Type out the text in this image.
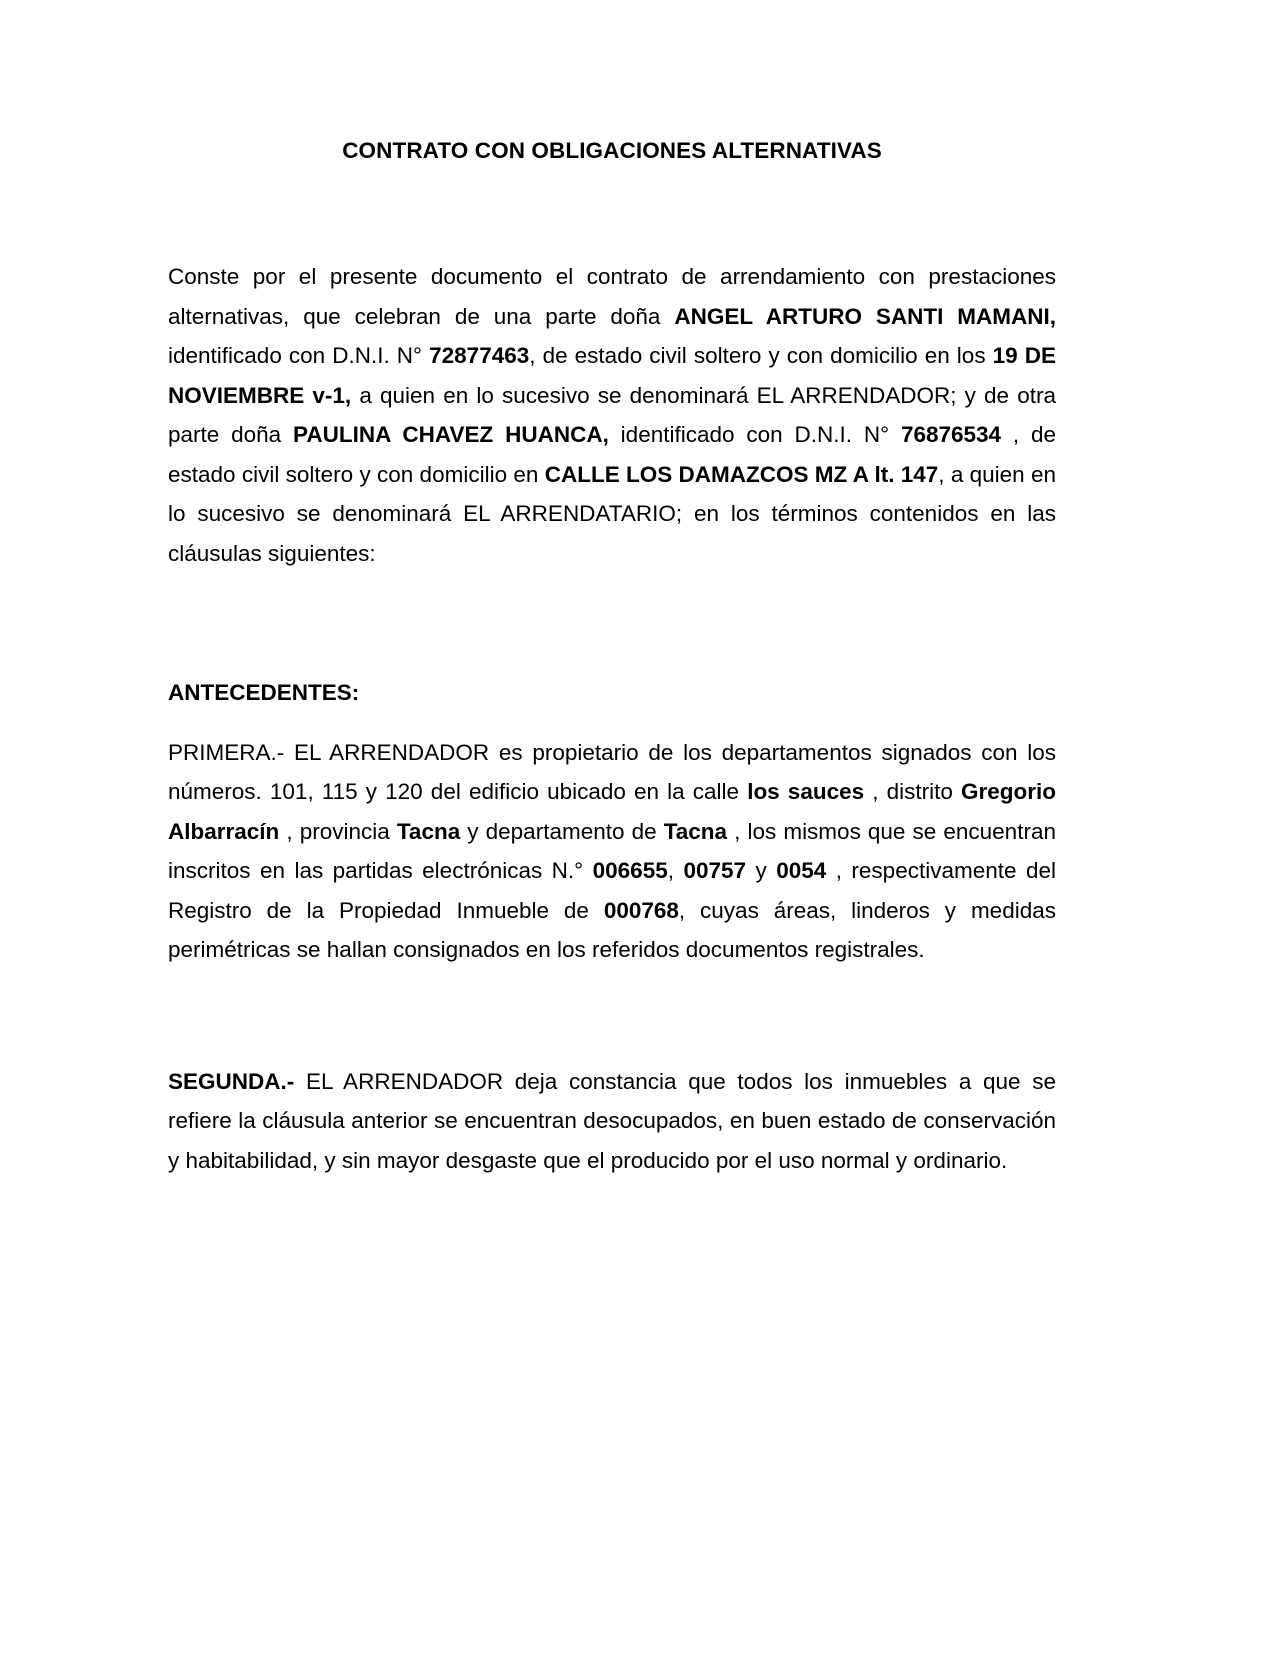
CONTRATO CON OBLIGACIONES ALTERNATIVAS

Conste por el presente documento el contrato de arrendamiento con prestaciones alternativas, que celebran de una parte doña ANGEL ARTURO SANTI MAMANI, identificado con D.N.I. N° 72877463, de estado civil soltero y con domicilio en los 19 DE NOVIEMBRE v-1, a quien en lo sucesivo se denominará EL ARRENDADOR; y de otra parte doña PAULINA CHAVEZ HUANCA, identificado con D.N.I. N° 76876534 , de estado civil soltero y con domicilio en CALLE LOS DAMAZCOS MZ A lt. 147, a quien en lo sucesivo se denominará EL ARRENDATARIO; en los términos contenidos en las cláusulas siguientes:

ANTECEDENTES:

PRIMERA.- EL ARRENDADOR es propietario de los departamentos signados con los números. 101, 115 y 120 del edificio ubicado en la calle los sauces , distrito Gregorio Albarracín , provincia Tacna y departamento de Tacna , los mismos que se encuentran inscritos en las partidas electrónicas N.° 006655, 00757 y 0054 , respectivamente del Registro de la Propiedad Inmueble de 000768, cuyas áreas, linderos y medidas perimétricas se hallan consignados en los referidos documentos registrales.

SEGUNDA.- EL ARRENDADOR deja constancia que todos los inmuebles a que se refiere la cláusula anterior se encuentran desocupados, en buen estado de conservación y habitabilidad, y sin mayor desgaste que el producido por el uso normal y ordinario.
